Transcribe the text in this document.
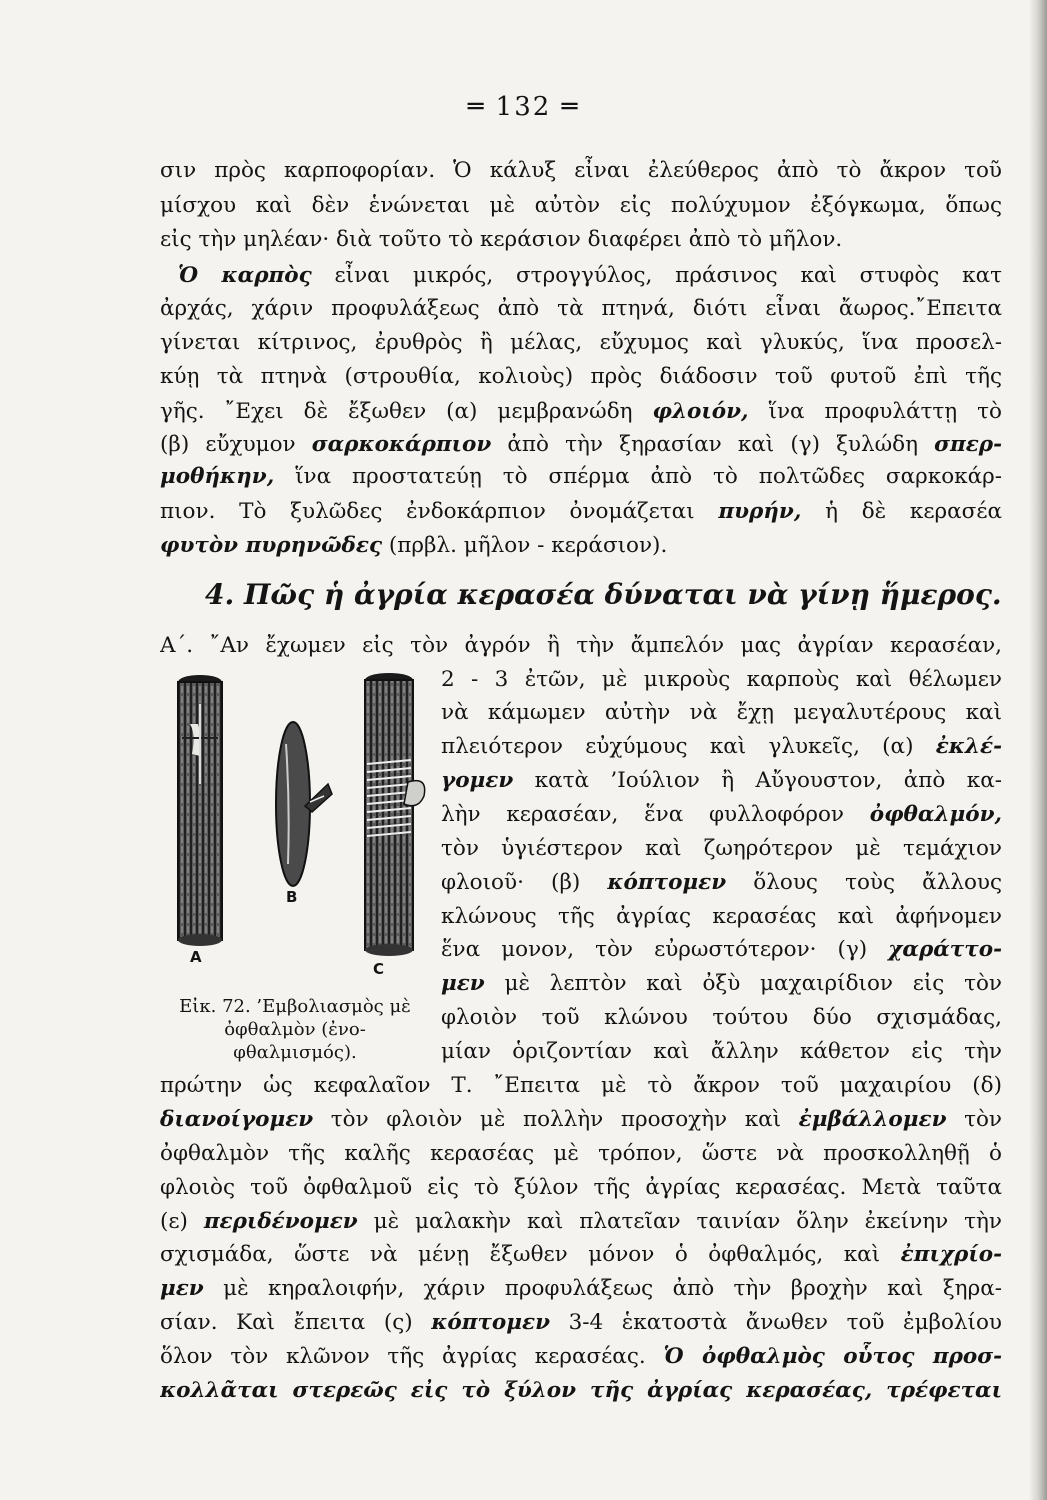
═ 132 ═
σιν πρὸς καρποφορίαν. Ὁ κάλυξ εἶναι ἐλεύθερος ἀπὸ τὸ ἄκρον τοῦ
μίσχου καὶ δὲν ἑνώνεται μὲ αὐτὸν εἰς πολύχυμον ἐξόγκωμα, ὅπως
εἰς τὴν μηλέαν· διὰ τοῦτο τὸ κεράσιον διαφέρει ἀπὸ τὸ μῆλον.
Ὁ καρπὸς εἶναι μικρός, στρογγύλος, πράσινος καὶ στυφὸς κατ
ἀρχάς, χάριν προφυλάξεως ἀπὸ τὰ πτηνά, διότι εἶναι ἄωρος.῎Επειτα
γίνεται κίτρινος, ἐρυθρὸς ἢ μέλας, εὔχυμος καὶ γλυκύς, ἵνα προσελ-
κύῃ τὰ πτηνὰ (στρουθία, κολιοὺς) πρὸς διάδοσιν τοῦ φυτοῦ ἐπὶ τῆς
γῆς. ῎Εχει δὲ ἔξωθεν (α) μεμβρανώδη φλοιόν, ἵνα προφυλάττῃ τὸ
(β) εὔχυμον σαρκοκάρπιον ἀπὸ τὴν ξηρασίαν καὶ (γ) ξυλώδη σπερ-
μοθήκην, ἵνα προστατεύῃ τὸ σπέρμα ἀπὸ τὸ πολτῶδες σαρκοκάρ-
πιον. Τὸ ξυλῶδες ἐνδοκάρπιον ὀνομάζεται πυρήν, ἡ δὲ κερασέα
φυτὸν πυρηνῶδες (πρβλ. μῆλον - κεράσιον).
4. Πῶς ἡ ἀγρία κερασέα δύναται νὰ γίνῃ ἥμερος.
Α΄. ῎Αν ἔχωμεν εἰς τὸν ἀγρόν ἢ τὴν ἄμπελόν μας ἀγρίαν κερασέαν,
2 - 3 ἐτῶν, μὲ μικροὺς καρποὺς καὶ θέλωμεν
νὰ κάμωμεν αὐτὴν νὰ ἔχῃ μεγαλυτέρους καὶ
πλειότερον εὐχύμους καὶ γλυκεῖς, (α) ἐκλέ-
γομεν κατὰ ’Ιούλιον ἢ Αὔγουστον, ἀπὸ κα-
λὴν κερασέαν, ἕνα φυλλοφόρον ὀφθαλμόν,
τὸν ὑγιέστερον καὶ ζωηρότερον μὲ τεμάχιον
φλοιοῦ· (β) κόπτομεν ὅλους τοὺς ἄλλους
κλώνους τῆς ἀγρίας κερασέας καὶ ἀφήνομεν
ἕνα μονον, τὸν εὐρωστότερον· (γ) χαράττο-
μεν μὲ λεπτὸν καὶ ὀξὺ μαχαιρίδιον εἰς τὸν
φλοιὸν τοῦ κλώνου τούτου δύο σχισμάδας,
μίαν ὁριζοντίαν καὶ ἄλλην κάθετον εἰς τὴν
A
B
C
Εἰκ. 72. ’Εμβολιασμὸς μὲ
ὀφθαλμὸν (ἐνο-
φθαλμισμός).
πρώτην ὡς κεφαλαῖον Τ. ῎Επειτα μὲ τὸ ἄκρον τοῦ μαχαιρίου (δ)
διανοίγομεν τὸν φλοιὸν μὲ πολλὴν προσοχὴν καὶ ἐμβάλλομεν τὸν
ὀφθαλμὸν τῆς καλῆς κερασέας μὲ τρόπον, ὥστε νὰ προσκολληθῇ ὁ
φλοιὸς τοῦ ὀφθαλμοῦ εἰς τὸ ξύλον τῆς ἀγρίας κερασέας. Μετὰ ταῦτα
(ε) περιδένομεν μὲ μαλακὴν καὶ πλατεῖαν ταινίαν ὅλην ἐκείνην τὴν
σχισμάδα, ὥστε νὰ μένῃ ἔξωθεν μόνον ὁ ὀφθαλμός, καὶ ἐπιχρίο-
μεν μὲ κηραλοιφήν, χάριν προφυλάξεως ἀπὸ τὴν βροχὴν καὶ ξηρα-
σίαν. Καὶ ἔπειτα (ς) κόπτομεν 3-4 ἑκατοστὰ ἄνωθεν τοῦ ἐμβολίου
ὅλον τὸν κλῶνον τῆς ἀγρίας κερασέας. Ὁ ὀφθαλμὸς οὗτος προσ-
κολλᾶται στερεῶς εἰς τὸ ξύλον τῆς ἀγρίας κερασέας, τρέφεται
